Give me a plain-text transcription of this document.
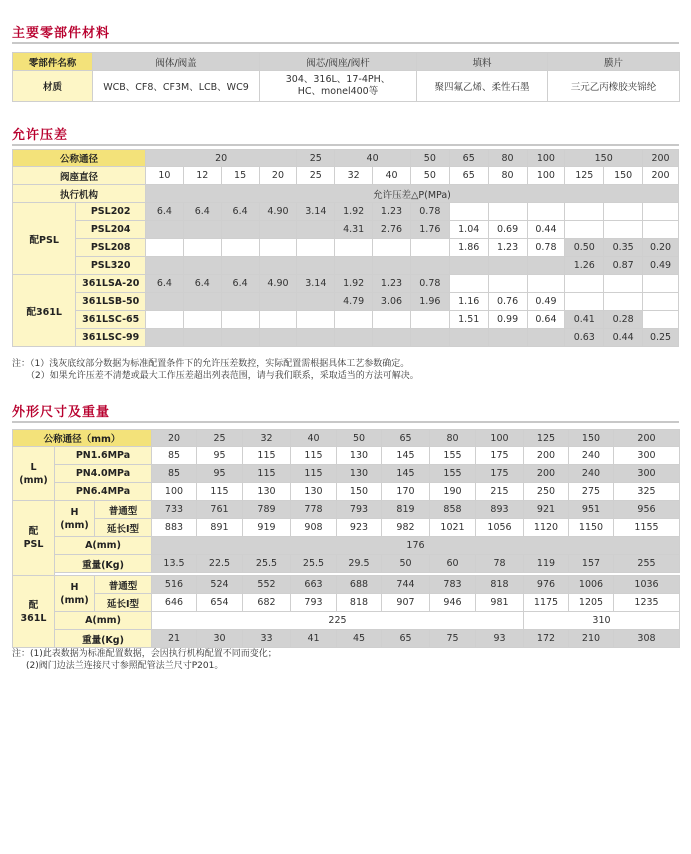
主要零部件材料
零部件名称	阀体/阀盖	阀芯/阀座/阀杆	填料	膜片
材质	WCB、CF8、CF3M、LCB、WC9	304、316L、17-4PH、HC、monel400等	聚四氟乙烯、柔性石墨	三元乙丙橡胶夹锦纶
允许压差
公称通径		20				25	40		50	65	80	100	150		200
阀座直径		10	12	15	20	25	32	40	50	65	80	100	125	150	200
执行机构		允许压差△P(MPa)													
配PSL	PSL202	6.4	6.4	6.4	4.90	3.14	1.92	1.23	0.78						
	PSL204						4.31	2.76	1.76	1.04	0.69	0.44			
	PSL208									1.86	1.23	0.78	0.50	0.35	0.20
	PSL320												1.26	0.87	0.49
配361L	361LSA-20	6.4	6.4	6.4	4.90	3.14	1.92	1.23	0.78						
	361LSB-50						4.79	3.06	1.96	1.16	0.76	0.49			
	361LSC-65									1.51	0.99	0.64	0.41	0.28	
	361LSC-99												0.63	0.44	0.25
注：（1）浅灰底纹部分数据为标准配置条件下的允许压差数控，实际配置需根据具体工艺参数确定。
（2）如果允许压差不清楚或最大工作压差超出列表范围，请与我们联系，采取适当的方法可解决。
外形尺寸及重量
公称通径（mm）			20	25	32	40	50	65	80	100	125	150	200
L
(mm)	PN1.6MPa		85	95	115	115	130	145	155	175	200	240	300
	PN4.0MPa		85	95	115	115	130	145	155	175	200	240	300
	PN6.4MPa		100	115	130	130	150	170	190	215	250	275	325
配
PSL	H
(mm)	普通型	733	761	789	778	793	819	858	893	921	951	956
		延长Ⅰ型	883	891	919	908	923	982	1021	1056	1120	1150	1155
	A(mm)		176										
	重量(Kg)		13.5	22.5	25.5	25.5	29.5	50	60	78	119	157	255

配
361L	H
(mm)	普通型	516	524	552	663	688	744	783	818	976	1006	1036
		延长Ⅰ型	646	654	682	793	818	907	946	981	1175	1205	1235
	A(mm)		225								310		
	重量(Kg)		21	30	33	41	45	65	75	93	172	210	308
注：(1)此表数据为标准配置数据，会因执行机构配置不同而变化；
(2)阀门边法兰连接尺寸参照配管法兰尺寸P201。
